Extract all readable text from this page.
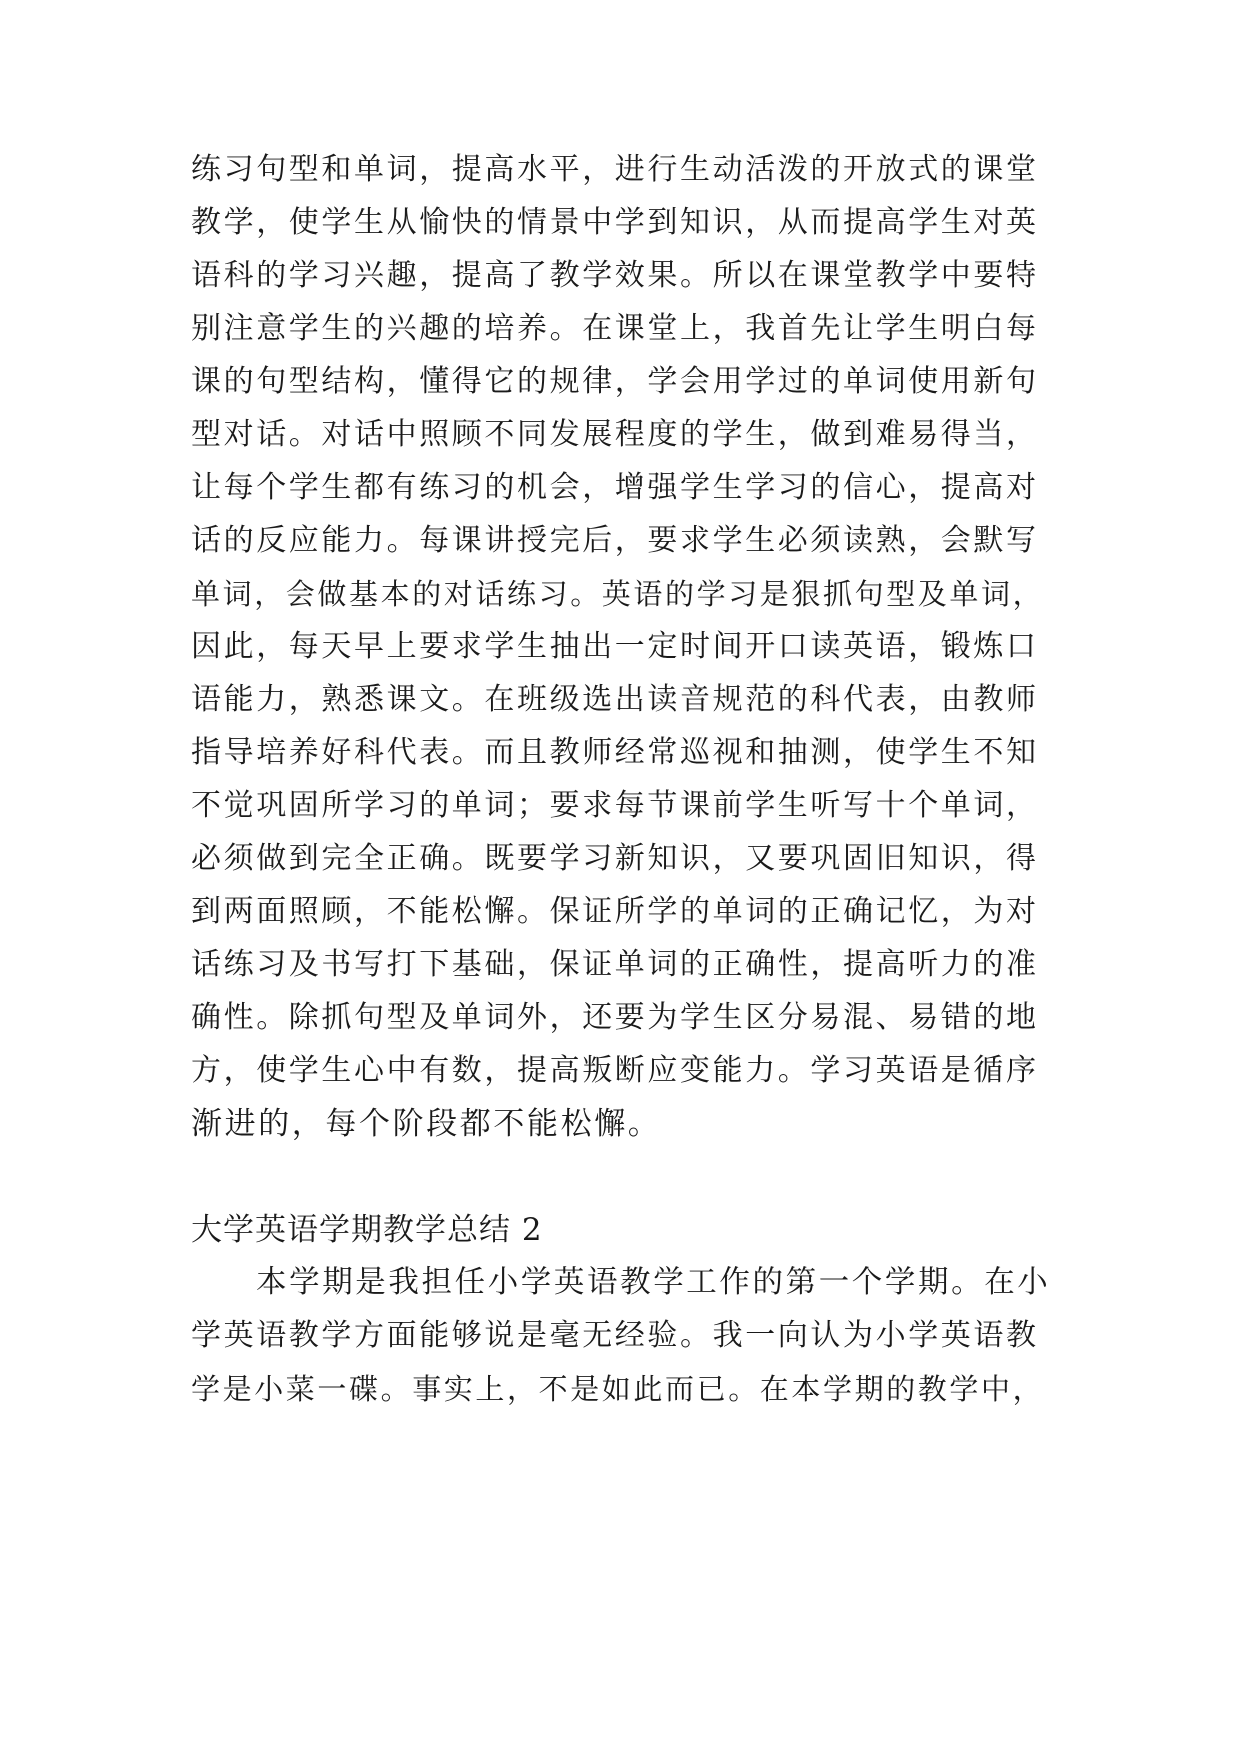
练习句型和单词，提高水平，进行生动活泼的开放式的课堂
教学，使学生从愉快的情景中学到知识，从而提高学生对英
语科的学习兴趣，提高了教学效果。所以在课堂教学中要特
别注意学生的兴趣的培养。在课堂上，我首先让学生明白每
课的句型结构，懂得它的规律，学会用学过的单词使用新句
型对话。对话中照顾不同发展程度的学生，做到难易得当，
让每个学生都有练习的机会，增强学生学习的信心，提高对
话的反应能力。每课讲授完后，要求学生必须读熟，会默写
单词，会做基本的对话练习。英语的学习是狠抓句型及单词，
因此，每天早上要求学生抽出一定时间开口读英语，锻炼口
语能力，熟悉课文。在班级选出读音规范的科代表，由教师
指导培养好科代表。而且教师经常巡视和抽测，使学生不知
不觉巩固所学习的单词；要求每节课前学生听写十个单词，
必须做到完全正确。既要学习新知识，又要巩固旧知识，得
到两面照顾，不能松懈。保证所学的单词的正确记忆，为对
话练习及书写打下基础，保证单词的正确性，提高听力的准
确性。除抓句型及单词外，还要为学生区分易混、易错的地
方，使学生心中有数，提高叛断应变能力。学习英语是循序
渐进的，每个阶段都不能松懈。
大学英语学期教学总结 2
本学期是我担任小学英语教学工作的第一个学期。在小
学英语教学方面能够说是毫无经验。我一向认为小学英语教
学是小菜一碟。事实上，不是如此而已。在本学期的教学中，
